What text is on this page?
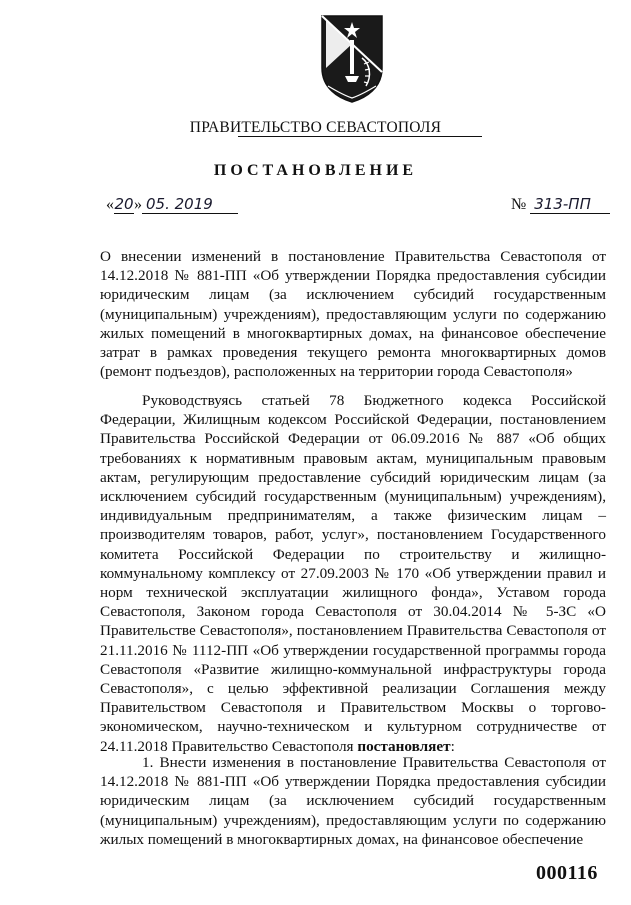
ПРАВИТЕЛЬСТВО СЕВАСТОПОЛЯ
ПОСТАНОВЛЕНИЕ
«20» 05. 2019	№ 313-ПП

О внесении изменений в постановление Правительства Севастополя от 14.12.2018 № 881-ПП «Об утверждении Порядка предоставления субсидии юридическим лицам (за исключением субсидий государственным (муниципальным) учреждениям), предоставляющим услуги по содержанию жилых помещений в многоквартирных домах, на финансовое обеспечение затрат в рамках проведения текущего ремонта многоквартирных домов (ремонт подъездов), расположенных на территории города Севастополя»

Руководствуясь статьей 78 Бюджетного кодекса Российской Федерации, Жилищным кодексом Российской Федерации, постановлением Правительства Российской Федерации от 06.09.2016 № 887 «Об общих требованиях к нормативным правовым актам, муниципальным правовым актам, регулирующим предоставление субсидий юридическим лицам (за исключением субсидий государственным (муниципальным) учреждениям), индивидуальным предпринимателям, а также физическим лицам – производителям товаров, работ, услуг», постановлением Государственного комитета Российской Федерации по строительству и жилищно-коммунальному комплексу от 27.09.2003 № 170 «Об утверждении правил и норм технической эксплуатации жилищного фонда», Уставом города Севастополя, Законом города Севастополя от 30.04.2014 № 5-ЗС «О Правительстве Севастополя», постановлением Правительства Севастополя от 21.11.2016 № 1112-ПП «Об утверждении государственной программы города Севастополя «Развитие жилищно-коммунальной инфраструктуры города Севастополя», с целью эффективной реализации Соглашения между Правительством Севастополя и Правительством Москвы о торгово-экономическом, научно-техническом и культурном сотрудничестве от 24.11.2018 Правительство Севастополя постановляет:

1. Внести изменения в постановление Правительства Севастополя от 14.12.2018 № 881-ПП «Об утверждении Порядка предоставления субсидии юридическим лицам (за исключением субсидий государственным (муниципальным) учреждениям), предоставляющим услуги по содержанию жилых помещений в многоквартирных домах, на финансовое обеспечение

000116
